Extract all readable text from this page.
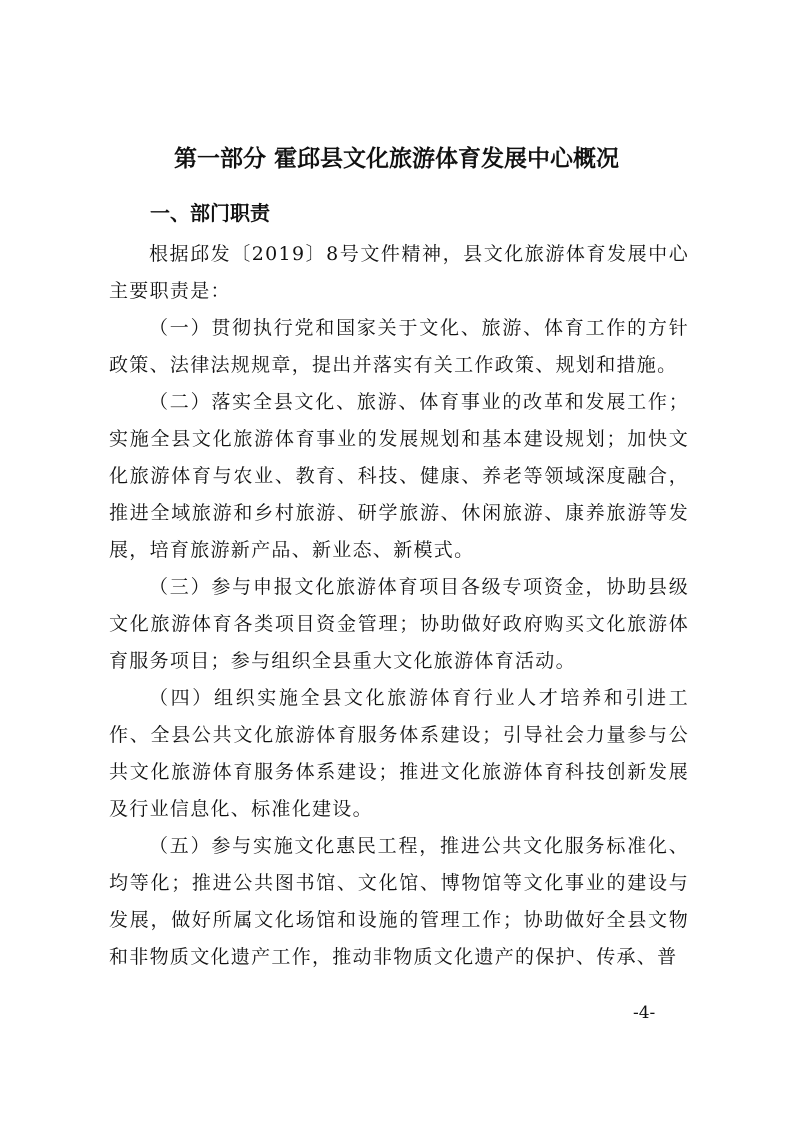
第一部分 霍邱县文化旅游体育发展中心概况
一、部门职责

根据邱发〔2019〕8号文件精神，县文化旅游体育发展中心主要职责是：

（一）贯彻执行党和国家关于文化、旅游、体育工作的方针政策、法律法规规章，提出并落实有关工作政策、规划和措施。

（二）落实全县文化、旅游、体育事业的改革和发展工作；实施全县文化旅游体育事业的发展规划和基本建设规划；加快文化旅游体育与农业、教育、科技、健康、养老等领域深度融合，推进全域旅游和乡村旅游、研学旅游、休闲旅游、康养旅游等发展，培育旅游新产品、新业态、新模式。

（三）参与申报文化旅游体育项目各级专项资金，协助县级文化旅游体育各类项目资金管理；协助做好政府购买文化旅游体育服务项目；参与组织全县重大文化旅游体育活动。

（四）组织实施全县文化旅游体育行业人才培养和引进工作、全县公共文化旅游体育服务体系建设；引导社会力量参与公共文化旅游体育服务体系建设；推进文化旅游体育科技创新发展及行业信息化、标准化建设。

（五）参与实施文化惠民工程，推进公共文化服务标准化、均等化；推进公共图书馆、文化馆、博物馆等文化事业的建设与发展，做好所属文化场馆和设施的管理工作；协助做好全县文物和非物质文化遗产工作，推动非物质文化遗产的保护、传承、普

-4-
